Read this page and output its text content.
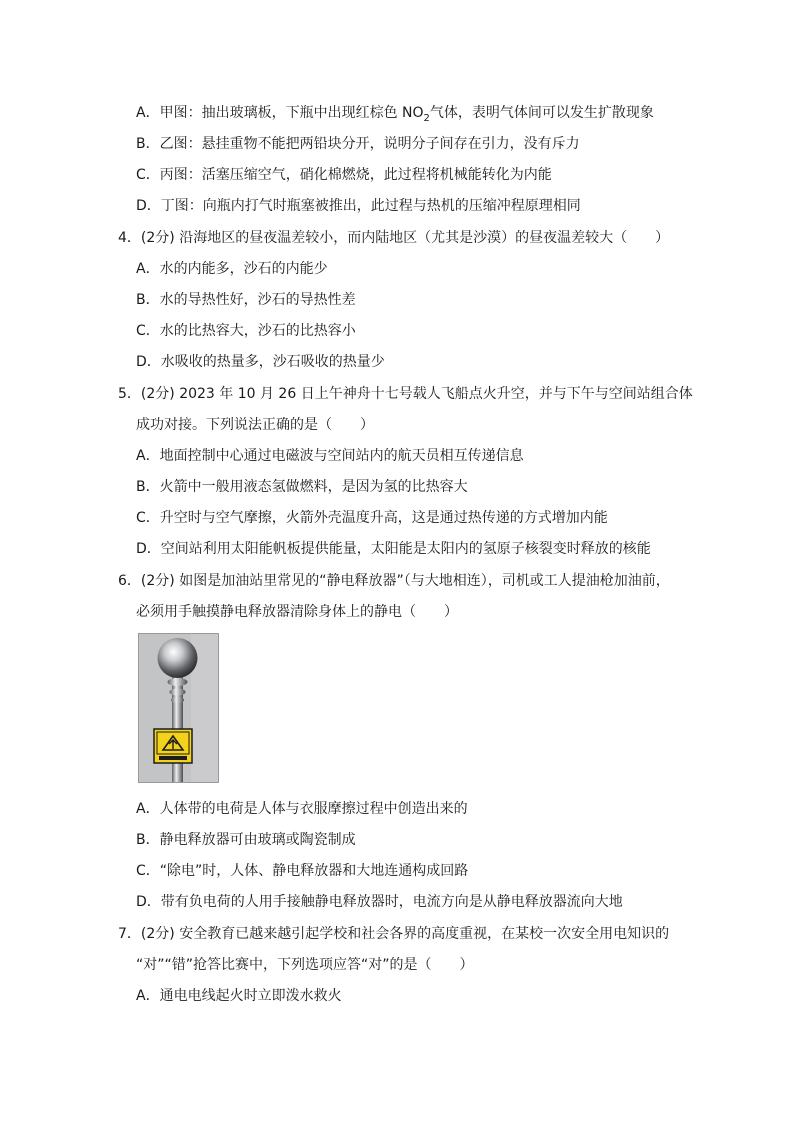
A．甲图：抽出玻璃板，下瓶中出现红棕色 $NO_2$气体，表明气体间可以发生扩散现象
B．乙图：悬挂重物不能把两铅块分开，说明分子间存在引力，没有斥力
C．丙图：活塞压缩空气，硝化棉燃烧，此过程将机械能转化为内能
D．丁图：向瓶内打气时瓶塞被推出，此过程与热机的压缩冲程原理相同
4．(2分) 沿海地区的昼夜温差较小，而内陆地区（尤其是沙漠）的昼夜温差较大（　　）
A．水的内能多，沙石的内能少
B．水的导热性好，沙石的导热性差
C．水的比热容大，沙石的比热容小
D．水吸收的热量多，沙石吸收的热量少
5．(2分) 2023 年 10 月 26 日上午神舟十七号载人飞船点火升空，并与下午与空间站组合体
成功对接。下列说法正确的是（　　）
A．地面控制中心通过电磁波与空间站内的航天员相互传递信息
B．火箭中一般用液态氢做燃料，是因为氢的比热容大
C．升空时与空气摩擦，火箭外壳温度升高，这是通过热传递的方式增加内能
D．空间站利用太阳能帆板提供能量，太阳能是太阳内的氢原子核裂变时释放的核能
6．(2分) 如图是加油站里常见的“静电释放器”（与大地相连），司机或工人提油枪加油前，
必须用手触摸静电释放器清除身体上的静电（　　）
A．人体带的电荷是人体与衣服摩擦过程中创造出来的
B．静电释放器可由玻璃或陶瓷制成
C．“除电”时，人体、静电释放器和大地连通构成回路
D．带有负电荷的人用手接触静电释放器时，电流方向是从静电释放器流向大地
7．(2分) 安全教育已越来越引起学校和社会各界的高度重视，在某校一次安全用电知识的
“对”“错”抢答比赛中，下列选项应答“对”的是（　　）
A．通电电线起火时立即泼水救火
